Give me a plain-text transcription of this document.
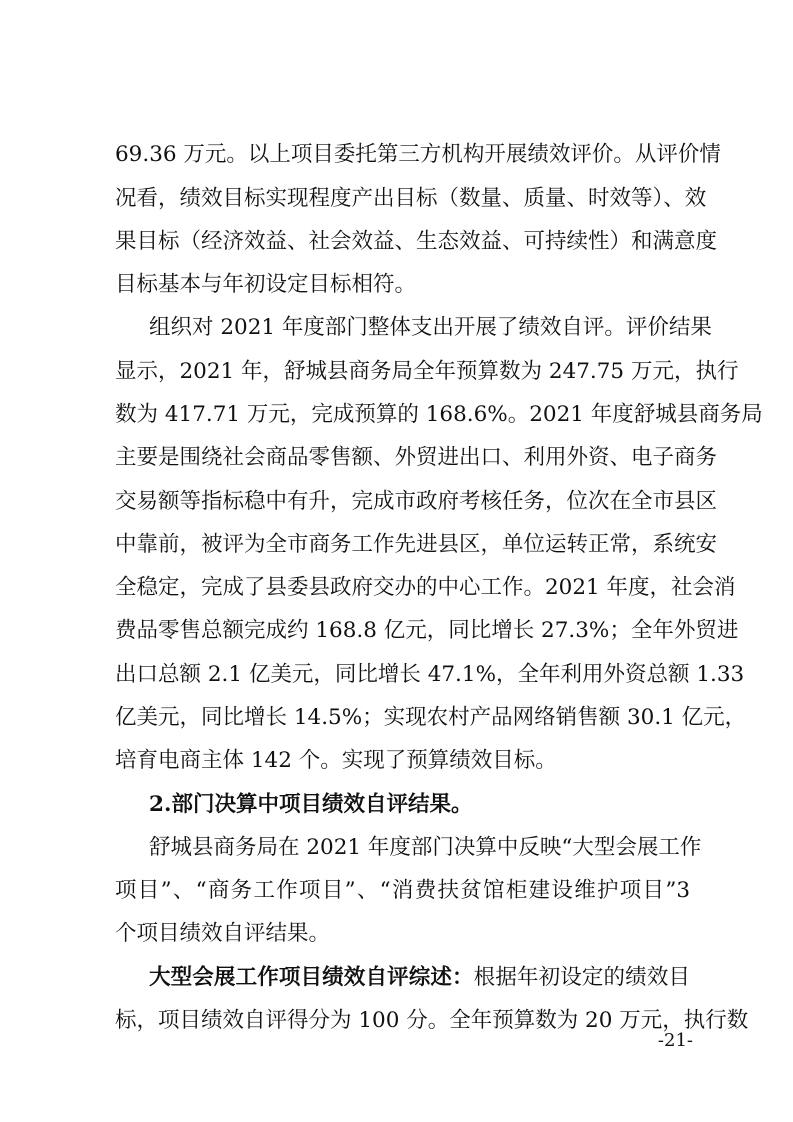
69.36 万元。以上项目委托第三方机构开展绩效评价。从评价情
况看，绩效目标实现程度产出目标（数量、质量、时效等）、效
果目标（经济效益、社会效益、生态效益、可持续性）和满意度
目标基本与年初设定目标相符。
组织对 2021 年度部门整体支出开展了绩效自评。评价结果
显示，2021 年，舒城县商务局全年预算数为 247.75 万元，执行
数为 417.71 万元，完成预算的 168.6%。2021 年度舒城县商务局
主要是围绕社会商品零售额、外贸进出口、利用外资、电子商务
交易额等指标稳中有升，完成市政府考核任务，位次在全市县区
中靠前，被评为全市商务工作先进县区，单位运转正常，系统安
全稳定，完成了县委县政府交办的中心工作。2021 年度，社会消
费品零售总额完成约 168.8 亿元，同比增长 27.3%；全年外贸进
出口总额 2.1 亿美元，同比增长 47.1%，全年利用外资总额 1.33
亿美元，同比增长 14.5%；实现农村产品网络销售额 30.1 亿元，
培育电商主体 142 个。实现了预算绩效目标。
2.部门决算中项目绩效自评结果。
舒城县商务局在 2021 年度部门决算中反映“大型会展工作
项目”、“商务工作项目”、“消费扶贫馆柜建设维护项目”3
个项目绩效自评结果。
大型会展工作项目绩效自评综述：根据年初设定的绩效目
标，项目绩效自评得分为 100 分。全年预算数为 20 万元，执行数
-21-
